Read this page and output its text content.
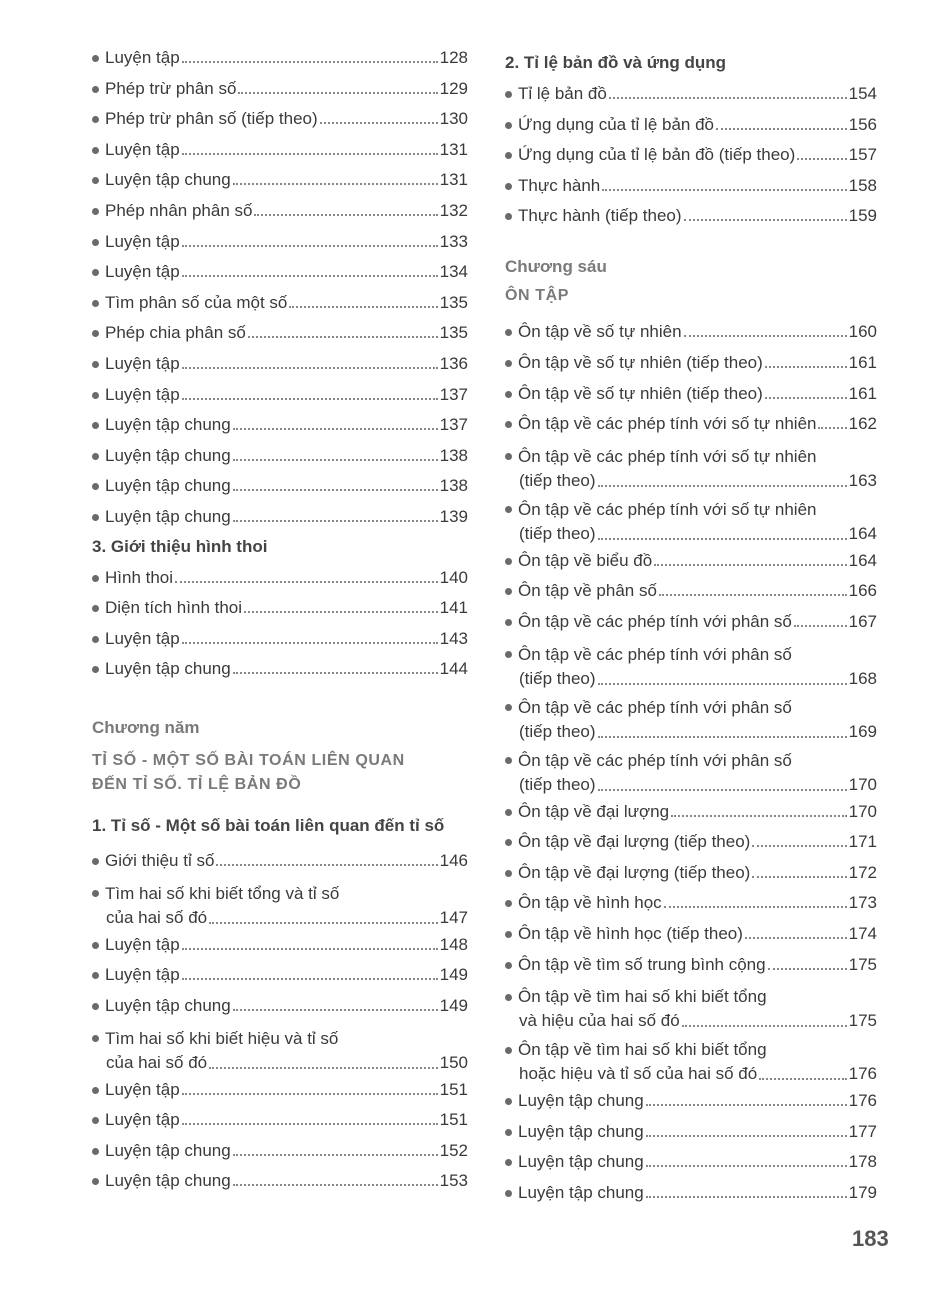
Luyện tập	128
Phép trừ phân số	129
Phép trừ phân số (tiếp theo)	130
Luyện tập	131
Luyện tập chung	131
Phép nhân phân số	132
Luyện tập	133
Luyện tập	134
Tìm phân số của một số	135
Phép chia phân số	135
Luyện tập	136
Luyện tập	137
Luyện tập chung	137
Luyện tập chung	138
Luyện tập chung	138
Luyện tập chung	139
3. Giới thiệu hình thoi
Hình thoi	140
Diện tích hình thoi	141
Luyện tập	143
Luyện tập chung	144
Chương năm
TỈ SỐ - MỘT SỐ BÀI TOÁN LIÊN QUAN
ĐẾN TỈ SỐ. TỈ LỆ BẢN ĐỒ
1. Tỉ số - Một số bài toán liên quan đến tỉ số
Giới thiệu tỉ số	146
Tìm hai số khi biết tổng và tỉ số
của hai số đó	147
Luyện tập	148
Luyện tập	149
Luyện tập chung	149
Tìm hai số khi biết hiệu và tỉ số
của hai số đó	150
Luyện tập	151
Luyện tập	151
Luyện tập chung	152
Luyện tập chung	153
2. Tỉ lệ bản đồ và ứng dụng
Tỉ lệ bản đồ	154
Ứng dụng của tỉ lệ bản đồ	156
Ứng dụng của tỉ lệ bản đồ (tiếp theo)	157
Thực hành	158
Thực hành (tiếp theo)	159
Chương sáu
ÔN TẬP
Ôn tập về số tự nhiên	160
Ôn tập về số tự nhiên (tiếp theo)	161
Ôn tập về số tự nhiên (tiếp theo)	161
Ôn tập về các phép tính với số tự nhiên 162
Ôn tập về các phép tính với số tự nhiên
(tiếp theo)	163
Ôn tập về các phép tính với số tự nhiên
(tiếp theo)	164
Ôn tập về biểu đồ	164
Ôn tập về phân số	166
Ôn tập về các phép tính với phân số	167
Ôn tập về các phép tính với phân số
(tiếp theo)	168
Ôn tập về các phép tính với phân số
(tiếp theo)	169
Ôn tập về các phép tính với phân số
(tiếp theo)	170
Ôn tập về đại lượng	170
Ôn tập về đại lượng (tiếp theo)	171
Ôn tập về đại lượng (tiếp theo)	172
Ôn tập về hình học	173
Ôn tập về hình học (tiếp theo)	174
Ôn tập về tìm số trung bình cộng	175
Ôn tập về tìm hai số khi biết tổng
và hiệu của hai số đó	175
Ôn tập về tìm hai số khi biết tổng
hoặc hiệu và tỉ số của hai số đó	176
Luyện tập chung	176
Luyện tập chung	177
Luyện tập chung	178
Luyện tập chung	179
183
